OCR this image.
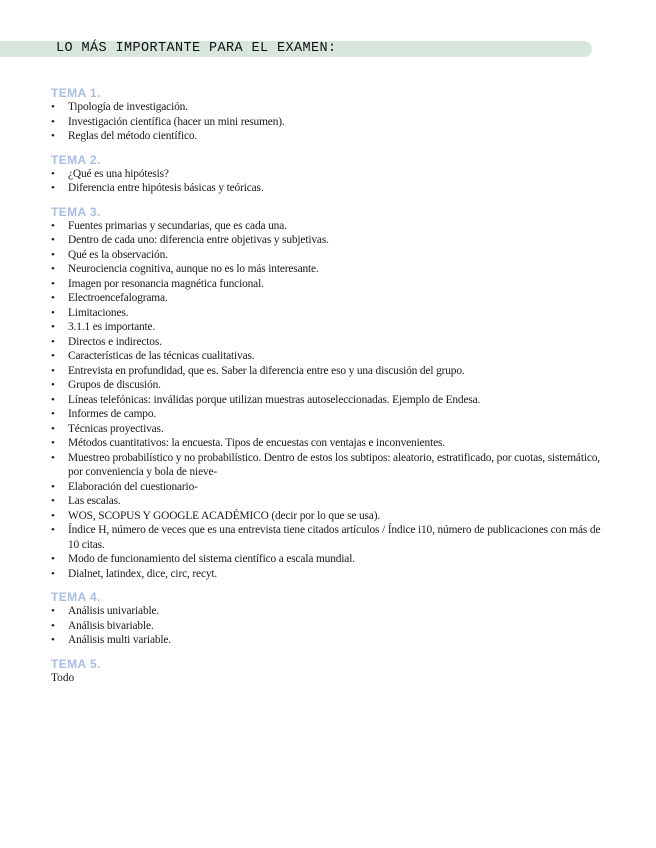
LO MÁS IMPORTANTE PARA EL EXAMEN:
TEMA 1.
• Tipología de investigación.
• Investigación científica (hacer un mini resumen).
• Reglas del método científico.
TEMA 2.
• ¿Qué es una hipótesis?
• Diferencia entre hipótesis básicas y teóricas.
TEMA 3.
• Fuentes primarias y secundarias, que es cada una.
• Dentro de cada uno: diferencia entre objetivas y subjetivas.
• Qué es la observación.
• Neurociencia cognitiva, aunque no es lo más interesante.
• Imagen por resonancia magnética funcional.
• Electroencefalograma.
• Limitaciones.
• 3.1.1 es importante.
• Directos e indirectos.
• Características de las técnicas cualitativas.
• Entrevista en profundidad, que es. Saber la diferencia entre eso y una discusión del grupo.
• Grupos de discusión.
• Líneas telefónicas: inválidas porque utilizan muestras autoseleccionadas. Ejemplo de Endesa.
• Informes de campo.
• Técnicas proyectivas.
• Métodos cuantitativos: la encuesta. Tipos de encuestas con ventajas e inconvenientes.
• Muestreo probabilístico y no probabilístico. Dentro de estos los subtipos: aleatorio, estratificado, por cuotas, sistemático, por conveniencia y bola de nieve-
• Elaboración del cuestionario-
• Las escalas.
• WOS, SCOPUS Y GOOGLE ACADÉMICO (decir por lo que se usa).
• Índice H, número de veces que es una entrevista tiene citados artículos / Índice i10, número de publicaciones con más de 10 citas.
• Modo de funcionamiento del sistema científico a escala mundial.
• Dialnet, latindex, dice, circ, recyt.
TEMA 4.
• Análisis univariable.
• Análisis bivariable.
• Análisis multi variable.
TEMA 5.

Todo
